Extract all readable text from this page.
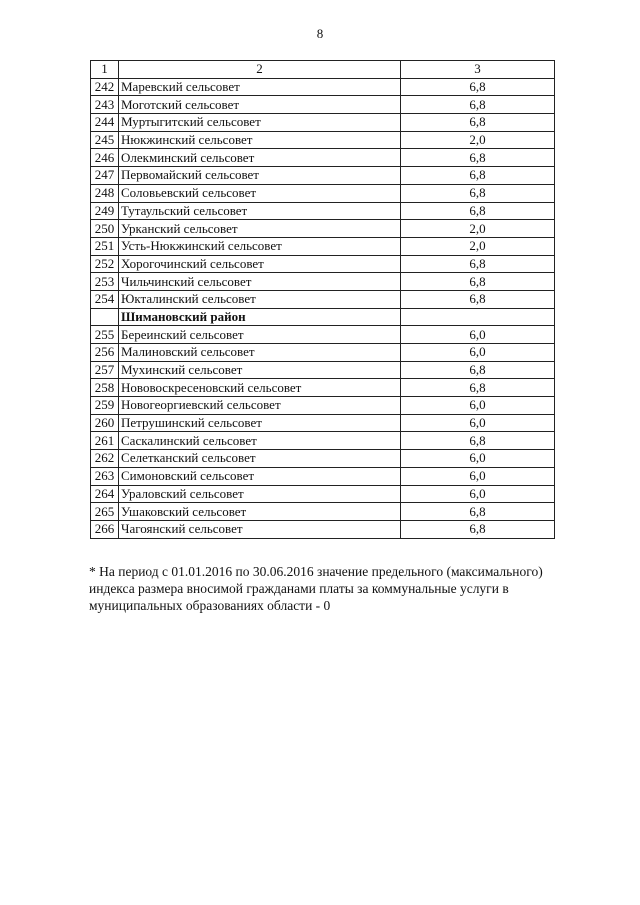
8
1	2	3
242	Маревский сельсовет	6,8
243	Моготский сельсовет	6,8
244	Муртыгитский сельсовет	6,8
245	Нюкжинский сельсовет	2,0
246	Олекминский сельсовет	6,8
247	Первомайский сельсовет	6,8
248	Соловьевский сельсовет	6,8
249	Тутаульский сельсовет	6,8
250	Урканский сельсовет	2,0
251	Усть-Нюкжинский сельсовет	2,0
252	Хорогочинский сельсовет	6,8
253	Чильчинский сельсовет	6,8
254	Юкталинский сельсовет	6,8
	Шимановский район	
255	Береинский сельсовет	6,0
256	Малиновский сельсовет	6,0
257	Мухинский сельсовет	6,8
258	Нововоскресеновский сельсовет	6,8
259	Новогеоргиевский сельсовет	6,0
260	Петрушинский сельсовет	6,0
261	Саскалинский сельсовет	6,8
262	Селетканский сельсовет	6,0
263	Симоновский сельсовет	6,0
264	Ураловский сельсовет	6,0
265	Ушаковский сельсовет	6,8
266	Чагоянский сельсовет	6,8
* На период с 01.01.2016 по 30.06.2016 значение предельного (максимального) индекса размера вносимой гражданами платы за коммунальные услуги в муниципальных образованиях области - 0
